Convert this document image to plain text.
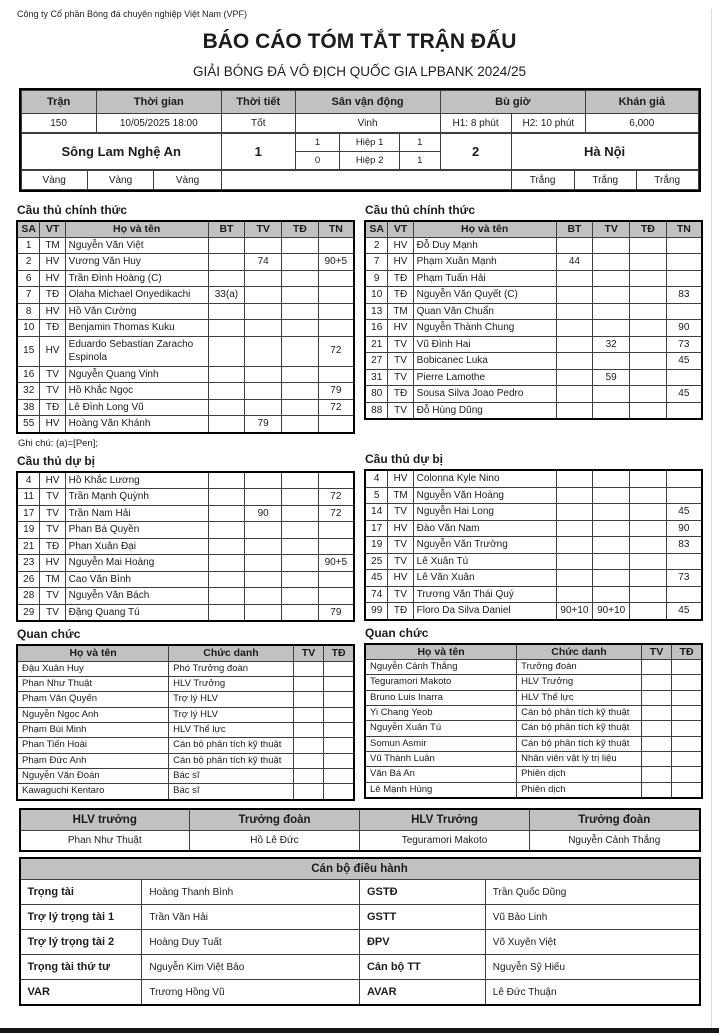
Công ty Cổ phần Bóng đá chuyên nghiệp Việt Nam (VPF)
BÁO CÁO TÓM TẮT TRẬN ĐẤU
GIẢI BÓNG ĐÁ VÔ ĐỊCH QUỐC GIA LPBANK 2024/25
Trận	Thời gian	Thời tiết	Sân vận động	Bù giờ		Khán giả
150	10/05/2025 18:00	Tốt	Vinh	H1: 8 phút	H2: 10 phút	6,000
Sông Lam Nghệ An	1	1	Hiệp 1	1	2	Hà Nội
		0	Hiệp 2	1		
Vàng	Vàng	Vàng		Trắng	Trắng	Trắng
Cầu thủ chính thức
SA	VT	Họ và tên	BT	TV	TĐ	TN
1	TM	Nguyễn Văn Việt				
2	HV	Vương Văn Huy		74		90+5
6	HV	Trần Đình Hoàng (C)				
7	TĐ	Olaha Michael Onyedikachi	33(a)			
8	HV	Hồ Văn Cường				
10	TĐ	Benjamin Thomas Kuku				
15	HV	Eduardo Sebastian Zaracho Espinola				72
16	TV	Nguyễn Quang Vinh				
32	TV	Hồ Khắc Ngọc				79
38	TĐ	Lê Đình Long Vũ				72
55	HV	Hoàng Văn Khánh		79		
Ghi chú: (a)=[Pen];
Cầu thủ dự bị
4	HV	Hồ Khắc Lương				
11	TV	Trần Mạnh Quỳnh				72
17	TV	Trần Nam Hải		90		72
19	TV	Phan Bá Quyền				
21	TĐ	Phan Xuân Đại				
23	HV	Nguyễn Mai Hoàng				90+5
26	TM	Cao Văn Bình				
28	TV	Nguyễn Văn Bách				
29	TV	Đặng Quang Tú				79
Quan chức
Họ và tên	Chức danh	TV	TĐ
Đậu Xuân Huy	Phó Trưởng đoàn		
Phan Như Thuật	HLV Trưởng		
Phạm Văn Quyến	Trợ lý HLV		
Nguyễn Ngọc Anh	Trợ lý HLV		
Phạm Bùi Minh	HLV Thể lực		
Phan Tiến Hoài	Cán bộ phân tích kỹ thuật		
Phạm Đức Anh	Cán bộ phân tích kỹ thuật		
Nguyễn Văn Đoán	Bác sĩ		
Kawaguchi Kentaro	Bác sĩ		
Cầu thủ chính thức
SA	VT	Họ và tên	BT	TV	TĐ	TN
2	HV	Đỗ Duy Mạnh				
7	HV	Phạm Xuân Mạnh	44			
9	TĐ	Phạm Tuấn Hải				
10	TĐ	Nguyễn Văn Quyết (C)				83
13	TM	Quan Văn Chuẩn				
16	HV	Nguyễn Thành Chung				90
21	TV	Vũ Đình Hai		32		73
27	TV	Bobicanec Luka				45
31	TV	Pierre Lamothe		59		
80	TĐ	Sousa Silva Joao Pedro				45
88	TV	Đỗ Hùng Dũng				
Cầu thủ dự bị
4	HV	Colonna Kyle Nino				
5	TM	Nguyễn Văn Hoàng				
14	TV	Nguyễn Hai Long				45
17	HV	Đào Văn Nam				90
19	TV	Nguyễn Văn Trường				83
25	TV	Lê Xuân Tú				
45	HV	Lê Văn Xuân				73
74	TV	Trương Văn Thái Quý				
99	TĐ	Floro Da Silva Daniel	90+10	90+10		45
Quan chức
Họ và tên	Chức danh	TV	TĐ
Nguyễn Cảnh Thắng	Trưởng đoàn		
Teguramori Makoto	HLV Trưởng		
Bruno Luis Inarra	HLV Thể lực		
Yi Chang Yeob	Cán bộ phân tích kỹ thuật		
Nguyễn Xuân Tú	Cán bộ phân tích kỹ thuật		
Somun Asmir	Cán bộ phân tích kỹ thuật		
Vũ Thành Luân	Nhân viên vật lý trị liệu		
Văn Bá An	Phiên dịch		
Lê Mạnh Hùng	Phiên dịch		
HLV trưởng	Trưởng đoàn	HLV Trưởng	Trưởng đoàn
Phan Như Thuật	Hồ Lê Đức	Teguramori Makoto	Nguyễn Cảnh Thắng
Cán bộ điều hành			
Trọng tài	Hoàng Thanh Bình	GSTĐ	Trần Quốc Dũng
Trợ lý trọng tài 1	Trần Văn Hải	GSTT	Vũ Bảo Linh
Trợ lý trọng tài 2	Hoàng Duy Tuất	ĐPV	Võ Xuyên Việt
Trọng tài thứ tư	Nguyễn Kim Việt Bảo	Cán bộ TT	Nguyễn Sỹ Hiếu
VAR	Trương Hồng Vũ	AVAR	Lê Đức Thuận
